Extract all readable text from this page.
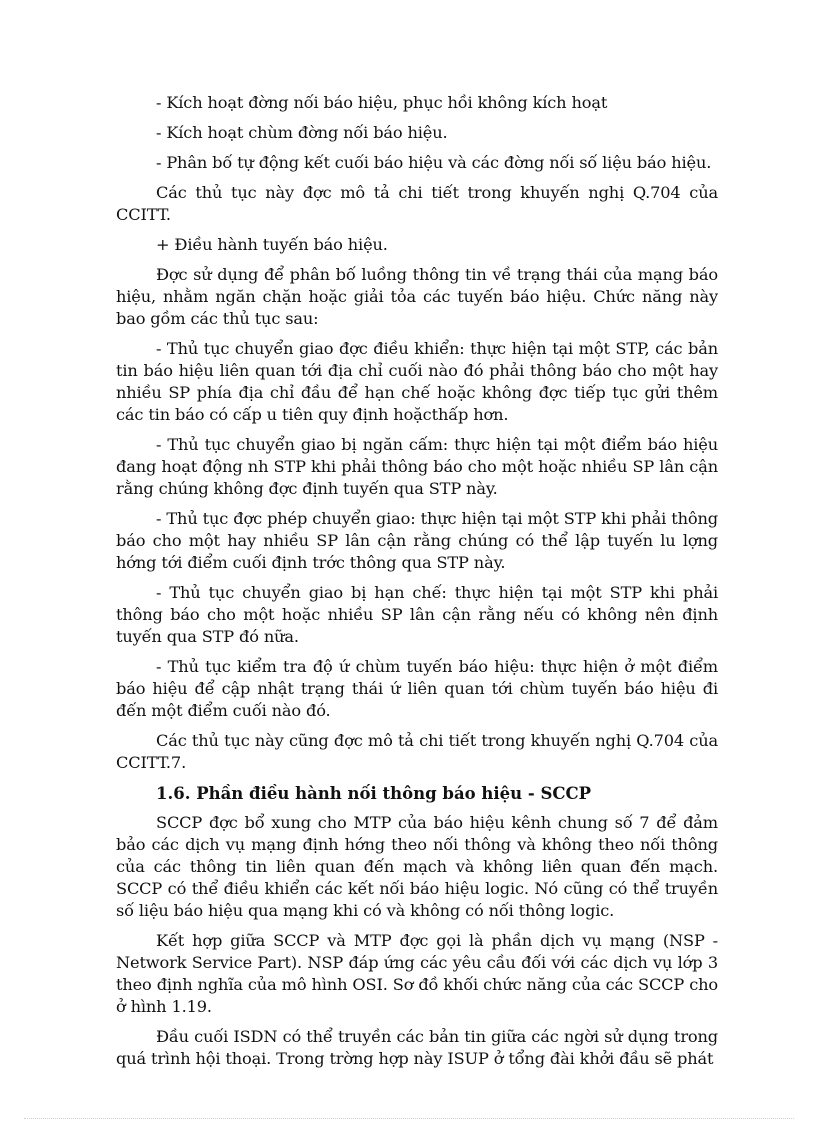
- Kích hoạt đờng nối báo hiệu, phục hồi không kích hoạt

- Kích hoạt chùm đờng nối báo hiệu.

- Phân bố tự động kết cuối báo hiệu và các đờng nối số liệu báo hiệu.

Các thủ tục này đợc mô tả chi tiết trong khuyến nghị Q.704 của CCITT.

+ Điều hành tuyến báo hiệu.

Đợc sử dụng để phân bố luồng thông tin về trạng thái của mạng báo hiệu, nhằm ngăn chặn hoặc giải tỏa các tuyến báo hiệu. Chức năng này bao gồm các thủ tục sau:

- Thủ tục chuyển giao đợc điều khiển: thực hiện tại một STP, các bản tin báo hiệu liên quan tới địa chỉ cuối nào đó phải thông báo cho một hay nhiều SP phía địa chỉ đầu để hạn chế hoặc không đợc tiếp tục gửi thêm các tin báo có cấp u tiên quy định hoặcthấp hơn.

- Thủ tục chuyển giao bị ngăn cấm: thực hiện tại một điểm báo hiệu đang hoạt động nh STP khi phải thông báo cho một hoặc nhiều SP lân cận rằng chúng không đợc định tuyến qua STP này.

- Thủ tục đợc phép chuyển giao: thực hiện tại một STP khi phải thông báo cho một hay nhiều SP lân cận rằng chúng có thể lập tuyến lu lợng hớng tới điểm cuối định trớc thông qua STP này.

- Thủ tục chuyển giao bị hạn chế: thực hiện tại một STP khi phải thông báo cho một hoặc nhiều SP lân cận rằng nếu có không nên định tuyến qua STP đó nữa.

- Thủ tục kiểm tra độ ứ chùm tuyến báo hiệu: thực hiện ở một điểm báo hiệu để cập nhật trạng thái ứ liên quan tới chùm tuyến báo hiệu đi đến một điểm cuối nào đó.

Các thủ tục này cũng đợc mô tả chi tiết trong khuyến nghị Q.704 của CCITT.7.

1.6. Phần điều hành nối thông báo hiệu - SCCP

SCCP đợc bổ xung cho MTP của báo hiệu kênh chung số 7 để đảm bảo các dịch vụ mạng định hớng theo nối thông và không theo nối thông của các thông tin liên quan đến mạch và không liên quan đến mạch. SCCP có thể điều khiển các kết nối báo hiệu logic. Nó cũng có thể truyền số liệu báo hiệu qua mạng khi có và không có nối thông logic.

Kết hợp giữa SCCP và MTP đợc gọi là phần dịch vụ mạng (NSP - Network Service Part). NSP đáp ứng các yêu cầu đối với các dịch vụ lớp 3 theo định nghĩa của mô hình OSI. Sơ đồ khối chức năng của các SCCP cho ở hình 1.19.

Đầu cuối ISDN có thể truyền các bản tin giữa các ngời sử dụng trong quá trình hội thoại. Trong trờng hợp này ISUP ở tổng đài khởi đầu sẽ phát
